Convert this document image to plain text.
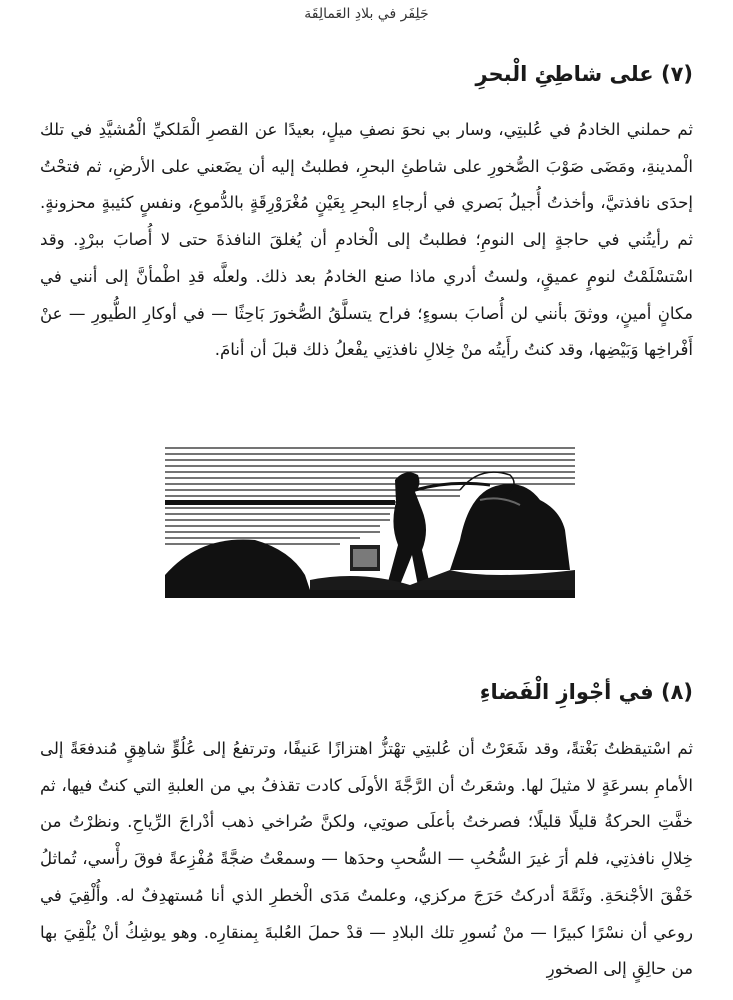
جَلِفَر في بلادِ العَمالِقَة
(٧) على شاطِئِ الْبحرِ

ثم حملني الخادمُ في عُلبتِي، وسار بي نحوَ نصفِ ميلٍ، بعيدًا عن القصرِ الْمَلكيِّ الْمُشيَّدِ في تلك الْمدينةِ، ومَضَى صَوْبَ الصُّخورِ على شاطئِ البحرِ، فطلبتُ إليه أن يضَعني على الأرضِ، ثم فتحْتُ إحدَى نافذتيَّ، وأخذتُ أُجيلُ بَصري في أرجاءِ البحرِ بِعَيْنٍ مُغْرَوْرِقَةٍ بالدُّموعِ، ونفسٍ كئيبةٍ محزونةٍ. ثم رأيتُني في حاجةٍ إلى النومِ؛ فطلبتُ إلى الْخادمِ أن يُغلقَ النافذةَ حتى لا أُصابَ ببرْدٍ. وقد اسْتسْلَمْتُ لنومٍ عميقٍ، ولستُ أدري ماذا صنع الخادمُ بعد ذلك. ولعلَّه قدِ اطْمأنَّ إلى أنني في مكانٍ أمينٍ، ووثقَ بأنني لن أُصابَ بسوءٍ؛ فراح يتسلَّقُ الصُّخورَ بَاحِثًا — في أوكارِ الطُّيورِ — عنْ أَفْراخِها وَبَيْضِها، وقد كنتُ رأَيتُه منْ خِلالِ نافذتِي يفْعلُ ذلك قبلَ أن أنامَ.

(٨) في أجْوازِ الْفَضاءِ

ثم اسْتيقظتُ بَغْتةً، وقد شَعَرْتُ أن عُلبتِي تهْتزُّ اهتزازًا عَنيفًا، وترتفعُ إلى عُلُوٍّ شاهِقٍ مُندفعَةً إلى الأمامِ بسرعَةٍ لا مثيلَ لها. وشعَرتُ أن الرَّجَّةَ الأولَى كادت تقذفُ بي من العلبةِ التي كنتُ فيها، ثم خفَّتِ الحركةُ قليلًا قليلًا؛ فصرختُ بأعلَى صوتِي، ولكنَّ صُراخي ذهب أدْراجَ الرِّياحِ. ونظرْتُ من خِلالِ نافذتِي، فلم أرَ غيرَ السُّحُبِ — السُّحبِ وحدَها — وسمعْتُ ضجَّةً مُفْزِعةً فوقَ رأْسي، تُماثلُ خَفْقَ الأجْنحَةِ. وثَمَّةَ أدركتُ حَرَجَ مركزي، وعلمتُ مَدَى الْخطرِ الذي أنا مُستهدِفٌ له. وأُلْقِيَ في روعي أن نسْرًا كبيرًا — منْ نُسورِ تلك البلادِ — قدْ حملَ العُلبةَ بِمنقارِه. وهو يوشِكُ أنْ يُلْقِيَ بها من حالِقٍ إلى الصخورِ
